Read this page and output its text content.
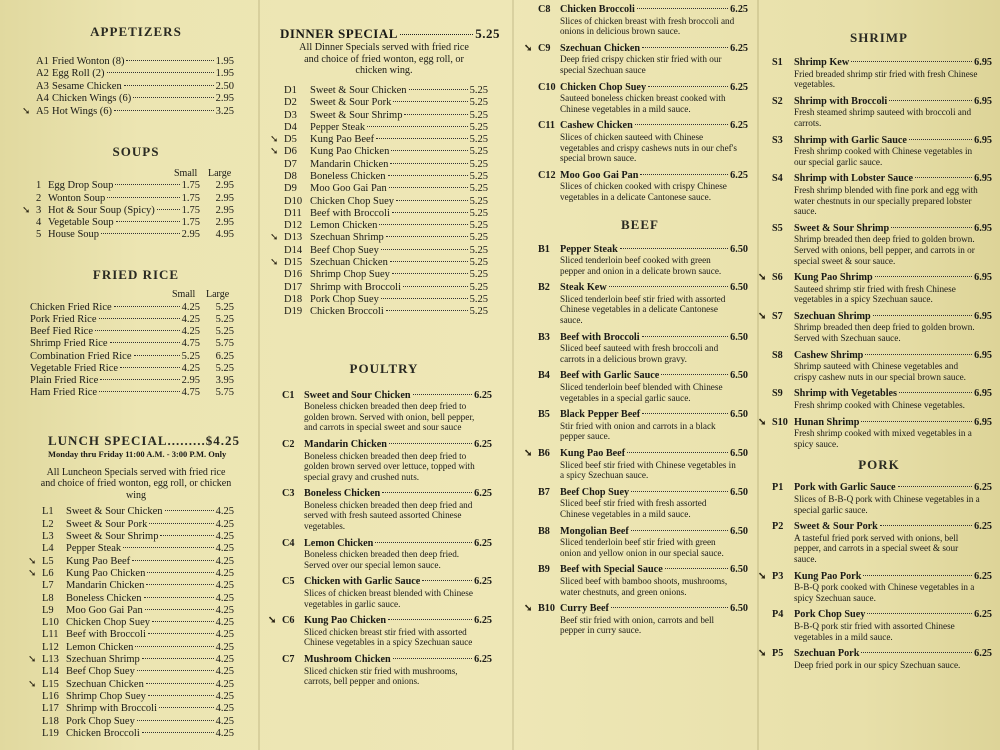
APPETIZERS
A1 Fried Wonton (8)	1.95
A2 Egg Roll (2)	1.95
A3 Sesame Chicken	2.50
A4 Chicken Wings (6)	2.95
➘ A5 Hot Wings (6)	3.25
SOUPS
Small	Large
1 Egg Drop Soup	1.75	2.95
2 Wonton Soup	1.75	2.95
➘ 3 Hot & Sour Soup (Spicy)	1.75	2.95
4 Vegetable Soup	1.75	2.95
5 House Soup	2.95	4.95
FRIED RICE
Small	Large
Chicken Fried Rice	4.25	5.25
Pork Fried Rice	4.25	5.25
Beef Fied Rice	4.25	5.25
Shrimp Fried Rice	4.75	5.75
Combination Fried Rice	5.25	6.25
Vegetable Fried Rice	4.25	5.25
Plain Fried Rice	2.95	3.95
Ham Fried Rice	4.75	5.75
LUNCH SPECIAL.........$4.25
Monday thru Friday 11:00 A.M. - 3:00 P.M. Only
All Luncheon Specials served with fried rice and choice of fried wonton, egg roll, or chicken wing
L1	Sweet & Sour Chicken	4.25
L2	Sweet & Sour Pork	4.25
L3	Sweet & Sour Shrimp	4.25
L4	Pepper Steak	4.25
➘ L5	Kung Pao Beef	4.25
➘ L6	Kung Pao Chicken	4.25
L7	Mandarin Chicken	4.25
L8	Boneless Chicken	4.25
L9	Moo Goo Gai Pan	4.25
L10 Chicken Chop Suey	4.25
L11 Beef with Broccoli	4.25
L12 Lemon Chicken	4.25
➘ L13 Szechuan Shrimp	4.25
L14 Beef Chop Suey	4.25
➘ L15 Szechuan Chicken	4.25
L16 Shrimp Chop Suey	4.25
L17 Shrimp with Broccoli	4.25
L18 Pork Chop Suey	4.25
L19 Chicken Broccoli	4.25
DINNER SPECIAL	5.25
All Dinner Specials served with fried rice and choice of fried wonton, egg roll, or chicken wing.
D1	Sweet & Sour Chicken	5.25
D2	Sweet & Sour Pork	5.25
D3	Sweet & Sour Shrimp	5.25
D4	Pepper Steak	5.25
➘ D5	Kung Pao Beef	5.25
➘ D6	Kung Pao Chicken	5.25
D7	Mandarin Chicken	5.25
D8	Boneless Chicken	5.25
D9	Moo Goo Gai Pan	5.25
D10 Chicken Chop Suey	5.25
D11 Beef with Broccoli	5.25
D12 Lemon Chicken	5.25
➘ D13 Szechuan Shrimp	5.25
D14 Beef Chop Suey	5.25
➘ D15 Szechuan Chicken	5.25
D16 Shrimp Chop Suey	5.25
D17 Shrimp with Broccoli	5.25
D18 Pork Chop Suey	5.25
D19 Chicken Broccoli	5.25
POULTRY
C1 Sweet and Sour Chicken	6.25
Boneless chicken breaded then deep fried to golden brown. Served with onion, bell pepper, and carrots in special sweet and sour sauce
C2 Mandarin Chicken	6.25
Boneless chicken breaded then deep fried to golden brown served over lettuce, topped with special gravy and crushed nuts.
C3 Boneless Chicken	6.25
Boneless chicken breaded then deep fried and served with fresh sauteed assorted Chinese vegetables.
C4 Lemon Chicken	6.25
Boneless chicken breaded then deep fried. Served over our special lemon sauce.
C5 Chicken with Garlic Sauce	6.25
Slices of chicken breast blended with Chinese vegetables in garlic sauce.
➘ C6 Kung Pao Chicken	6.25
Sliced chicken breast stir fried with assorted Chinese vegetables in a spicy Szechuan sauce
C7 Mushroom Chicken	6.25
Sliced chicken stir fried with mushrooms, carrots, bell pepper and onions.
C8 Chicken Broccoli	6.25
Slices of chicken breast with fresh broccoli and onions in delicious brown sauce.
➘ C9 Szechuan Chicken	6.25
Deep fried crispy chicken stir fried with our special Szechuan sauce
C10 Chicken Chop Suey	6.25
Sauteed boneless chicken breast cooked with Chinese vegetables in a mild sauce.
C11 Cashew Chicken	6.25
Slices of chicken sauteed with Chinese vegetables and crispy cashews nuts in our chef's special brown sauce.
C12 Moo Goo Gai Pan	6.25
Slices of chicken cooked with crispy Chinese vegetables in a delicate Cantonese sauce.
BEEF
B1 Pepper Steak	6.50
Sliced tenderloin beef cooked with green pepper and onion in a delicate brown sauce.
B2 Steak Kew	6.50
Sliced tenderloin beef stir fried with assorted Chinese vegetables in a delicate Cantonese sauce.
B3 Beef with Broccoli	6.50
Sliced beef sauteed with fresh broccoli and carrots in a delicious brown gravy.
B4 Beef with Garlic Sauce	6.50
Sliced tenderloin beef blended with Chinese vegetables in a special garlic sauce.
B5 Black Pepper Beef	6.50
Stir fried with onion and carrots in a black pepper sauce.
➘ B6 Kung Pao Beef	6.50
Sliced beef stir fried with Chinese vegetables in a spicy Szechuan sauce.
B7 Beef Chop Suey	6.50
Sliced beef stir fried with fresh assorted Chinese vegetables in a mild sauce.
B8 Mongolian Beef	6.50
Sliced tenderloin beef stir fried with green onion and yellow onion in our special sauce.
B9 Beef with Special Sauce	6.50
Sliced beef with bamboo shoots, mushrooms, water chestnuts, and green onions.
➘ B10 Curry Beef	6.50
Beef stir fried with onion, carrots and bell pepper in curry sauce.
SHRIMP
S1	Shrimp Kew	6.95
Fried breaded shrimp stir fried with fresh Chinese vegetables.
S2	Shrimp with Broccoli	6.95
Fresh steamed shrimp sauteed with broccoli and carrots.
S3	Shrimp with Garlic Sauce	6.95
Fresh shrimp cooked with Chinese vegetables in our special garlic sauce.
S4	Shrimp with Lobster Sauce	6.95
Fresh shrimp blended with fine pork and egg with water chestnuts in our specially prepared lobster sauce.
S5	Sweet & Sour Shrimp	6.95
Shrimp breaded then deep fried to golden brown. Served with onions, bell pepper, and carrots in or special sweet & sour sauce.
➘ S6	Kung Pao Shrimp	6.95
Sauteed shrimp stir fried with fresh Chinese vegetables in a spicy Szechuan sauce.
➘ S7	Szechuan Shrimp	6.95
Shrimp breaded then deep fried to golden brown. Served with Szechuan sauce.
S8	Cashew Shrimp	6.95
Shrimp sauteed with Chinese vegetables and crispy cashew nuts in our special brown sauce.
S9	Shrimp with Vegetables	6.95
Fresh shrimp cooked with Chinese vegetables.
➘ S10 Hunan Shrimp	6.95
Fresh shrimp cooked with mixed vegetables in a spicy sauce.
PORK
P1	Pork with Garlic Sauce	6.25
Slices of B-B-Q pork with Chinese vegetables in a special garlic sauce.
P2	Sweet & Sour Pork	6.25
A tasteful fried pork served with onions, bell pepper, and carrots in a special sweet & sour sauce.
➘ P3	Kung Pao Pork	6.25
B-B-Q pork cooked with Chinese vegetables in a spicy Szechuan sauce.
P4	Pork Chop Suey	6.25
B-B-Q pork stir fried with assorted Chinese vegetables in a mild sauce.
➘ P5	Szechuan Pork	6.25
Deep fried pork in our spicy Szechuan sauce.
